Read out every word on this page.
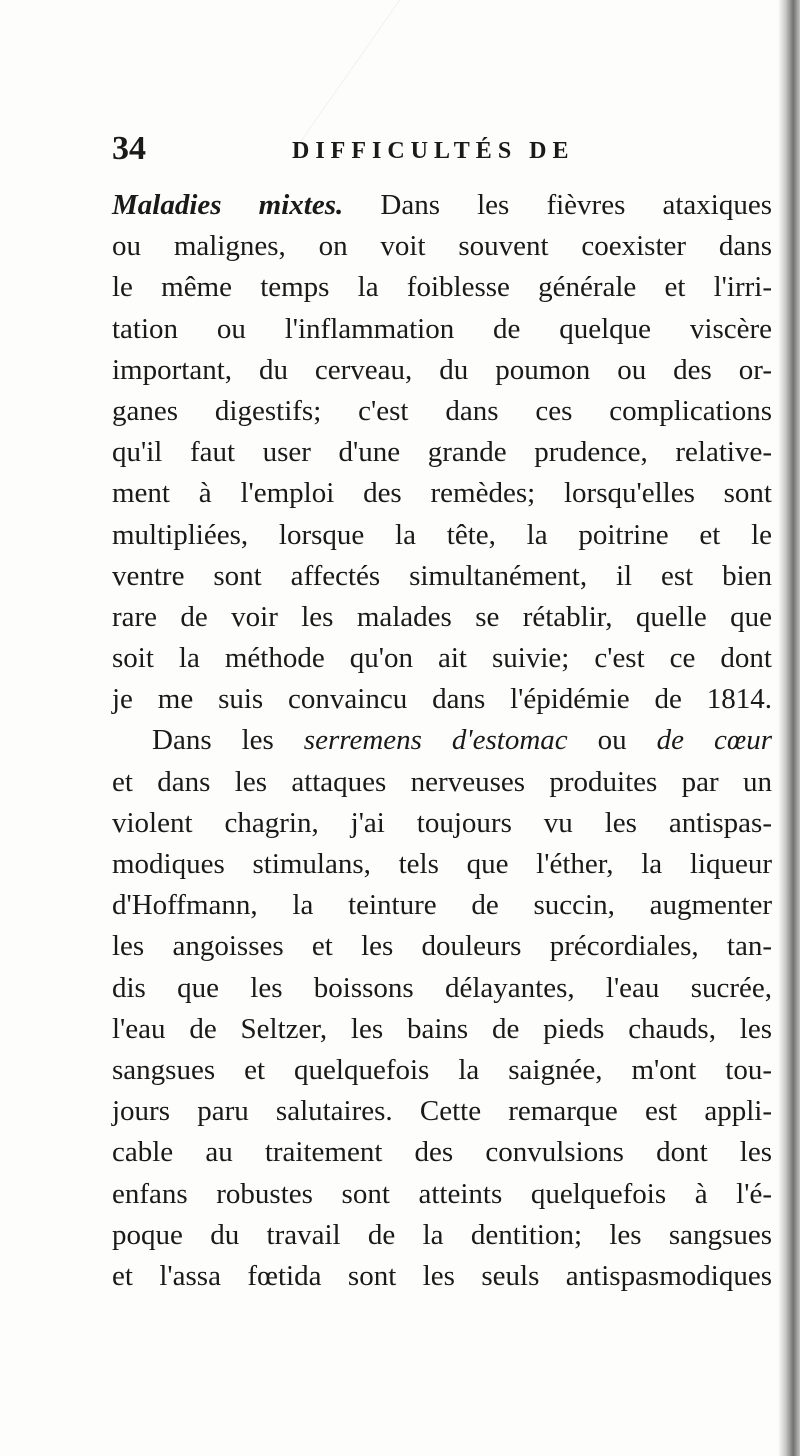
34	DIFFICULTÉS DE
Maladies mixtes. Dans les fièvres ataxiques
ou malignes, on voit souvent coexister dans
le même temps la foiblesse générale et l'irri-
tation ou l'inflammation de quelque viscère
important, du cerveau, du poumon ou des or-
ganes digestifs; c'est dans ces complications
qu'il faut user d'une grande prudence, relative-
ment à l'emploi des remèdes; lorsqu'elles sont
multipliées, lorsque la tête, la poitrine et le
ventre sont affectés simultanément, il est bien
rare de voir les malades se rétablir, quelle que
soit la méthode qu'on ait suivie; c'est ce dont
je me suis convaincu dans l'épidémie de 1814.
Dans les serremens d'estomac ou de cœur
et dans les attaques nerveuses produites par un
violent chagrin, j'ai toujours vu les antispas-
modiques stimulans, tels que l'éther, la liqueur
d'Hoffmann, la teinture de succin, augmenter
les angoisses et les douleurs précordiales, tan-
dis que les boissons délayantes, l'eau sucrée,
l'eau de Seltzer, les bains de pieds chauds, les
sangsues et quelquefois la saignée, m'ont tou-
jours paru salutaires. Cette remarque est appli-
cable au traitement des convulsions dont les
enfans robustes sont atteints quelquefois à l'é-
poque du travail de la dentition; les sangsues
et l'assa fœtida sont les seuls antispasmodiques
